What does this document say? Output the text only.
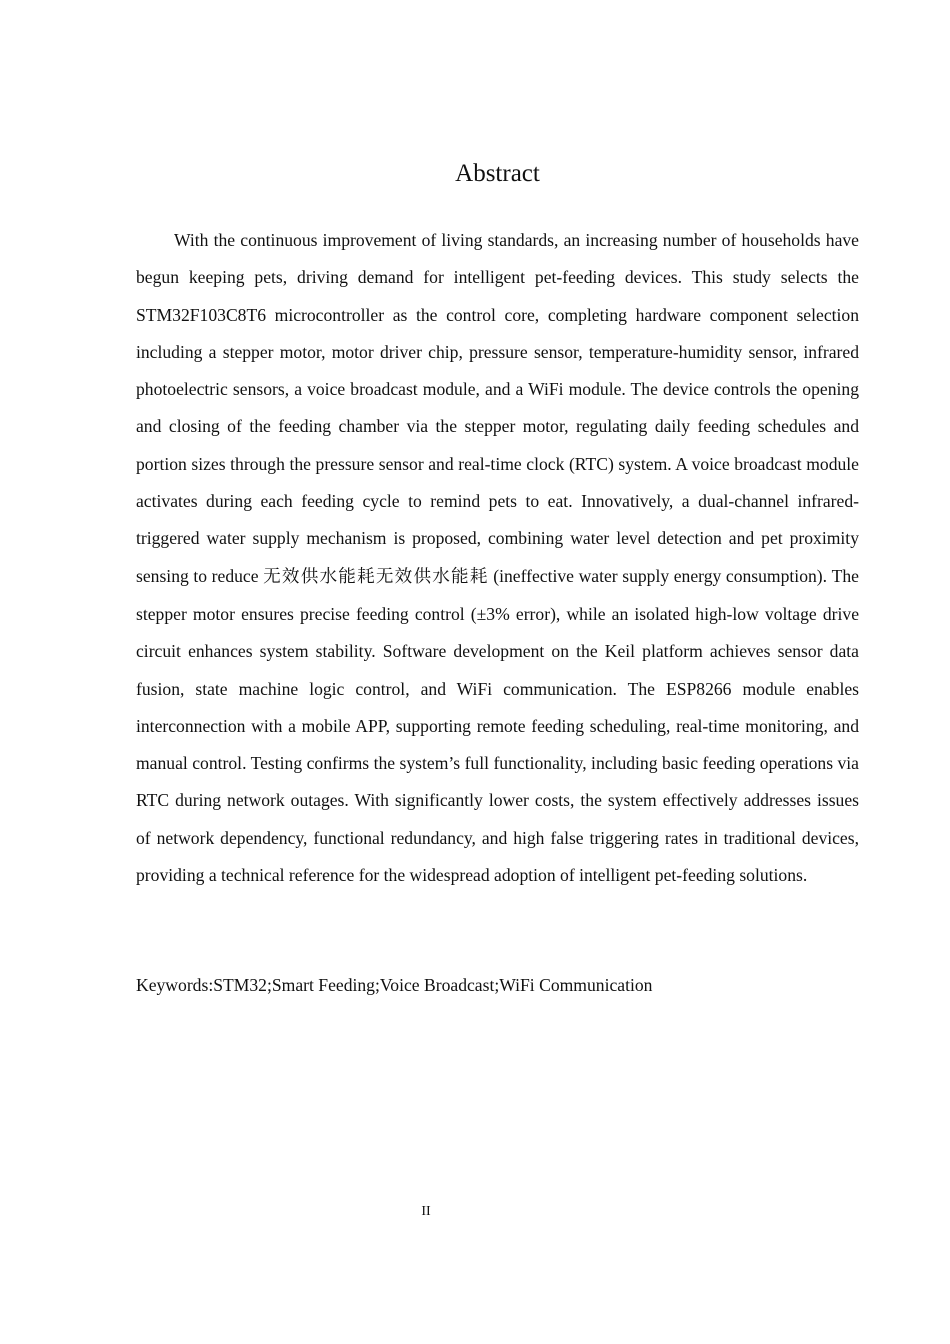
Abstract

With the continuous improvement of living standards, an increasing number of households have begun keeping pets, driving demand for intelligent pet-feeding devices. This study selects the STM32F103C8T6 microcontroller as the control core, completing hardware component selection including a stepper motor, motor driver chip, pressure sensor, temperature-humidity sensor, infrared photoelectric sensors, a voice broadcast module, and a WiFi module. The device controls the opening and closing of the feeding chamber via the stepper motor, regulating daily feeding schedules and portion sizes through the pressure sensor and real-time clock (RTC) system. A voice broadcast module activates during each feeding cycle to remind pets to eat. Innovatively, a dual-channel infrared-triggered water supply mechanism is proposed, combining water level detection and pet proximity sensing to reduce 无效供水能耗无效供水能耗 (ineffective water supply energy consumption). The stepper motor ensures precise feeding control (±3% error), while an isolated high-low voltage drive circuit enhances system stability. Software development on the Keil platform achieves sensor data fusion, state machine logic control, and WiFi communication. The ESP8266 module enables interconnection with a mobile APP, supporting remote feeding scheduling, real-time monitoring, and manual control. Testing confirms the system’s full functionality, including basic feeding operations via RTC during network outages. With significantly lower costs, the system effectively addresses issues of network dependency, functional redundancy, and high false triggering rates in traditional devices, providing a technical reference for the widespread adoption of intelligent pet-feeding solutions.

Keywords:STM32;Smart Feeding;Voice Broadcast;WiFi Communication

II
